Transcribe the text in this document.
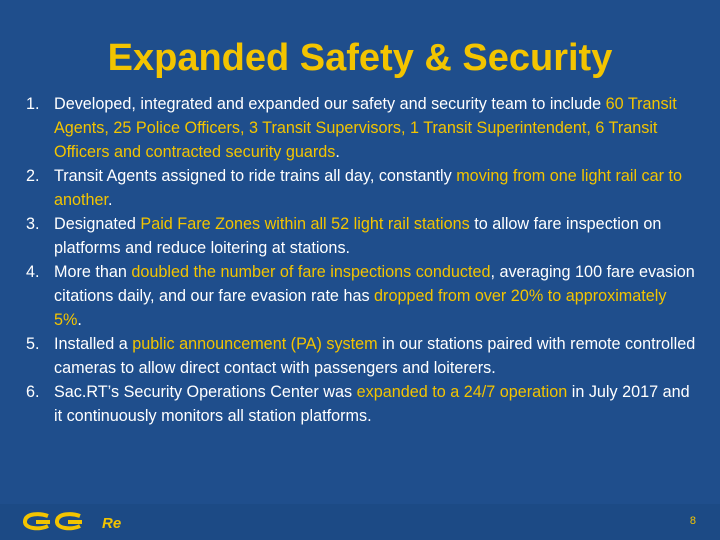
Expanded Safety & Security
1. Developed, integrated and expanded our safety and security team to include 60 Transit Agents, 25 Police Officers, 3 Transit Supervisors, 1 Transit Superintendent, 6 Transit Officers and contracted security guards.
2. Transit Agents assigned to ride trains all day, constantly moving from one light rail car to another.
3. Designated Paid Fare Zones within all 52 light rail stations to allow fare inspection on platforms and reduce loitering at stations.
4. More than doubled the number of fare inspections conducted, averaging 100 fare evasion citations daily, and our fare evasion rate has dropped from over 20% to approximately 5%.
5. Installed a public announcement (PA) system in our stations paired with remote controlled cameras to allow direct contact with passengers and loiterers.
6. Sac.RT’s Security Operations Center was expanded to a 24/7 operation in July 2017 and it continuously monitors all station platforms.
Re	8
